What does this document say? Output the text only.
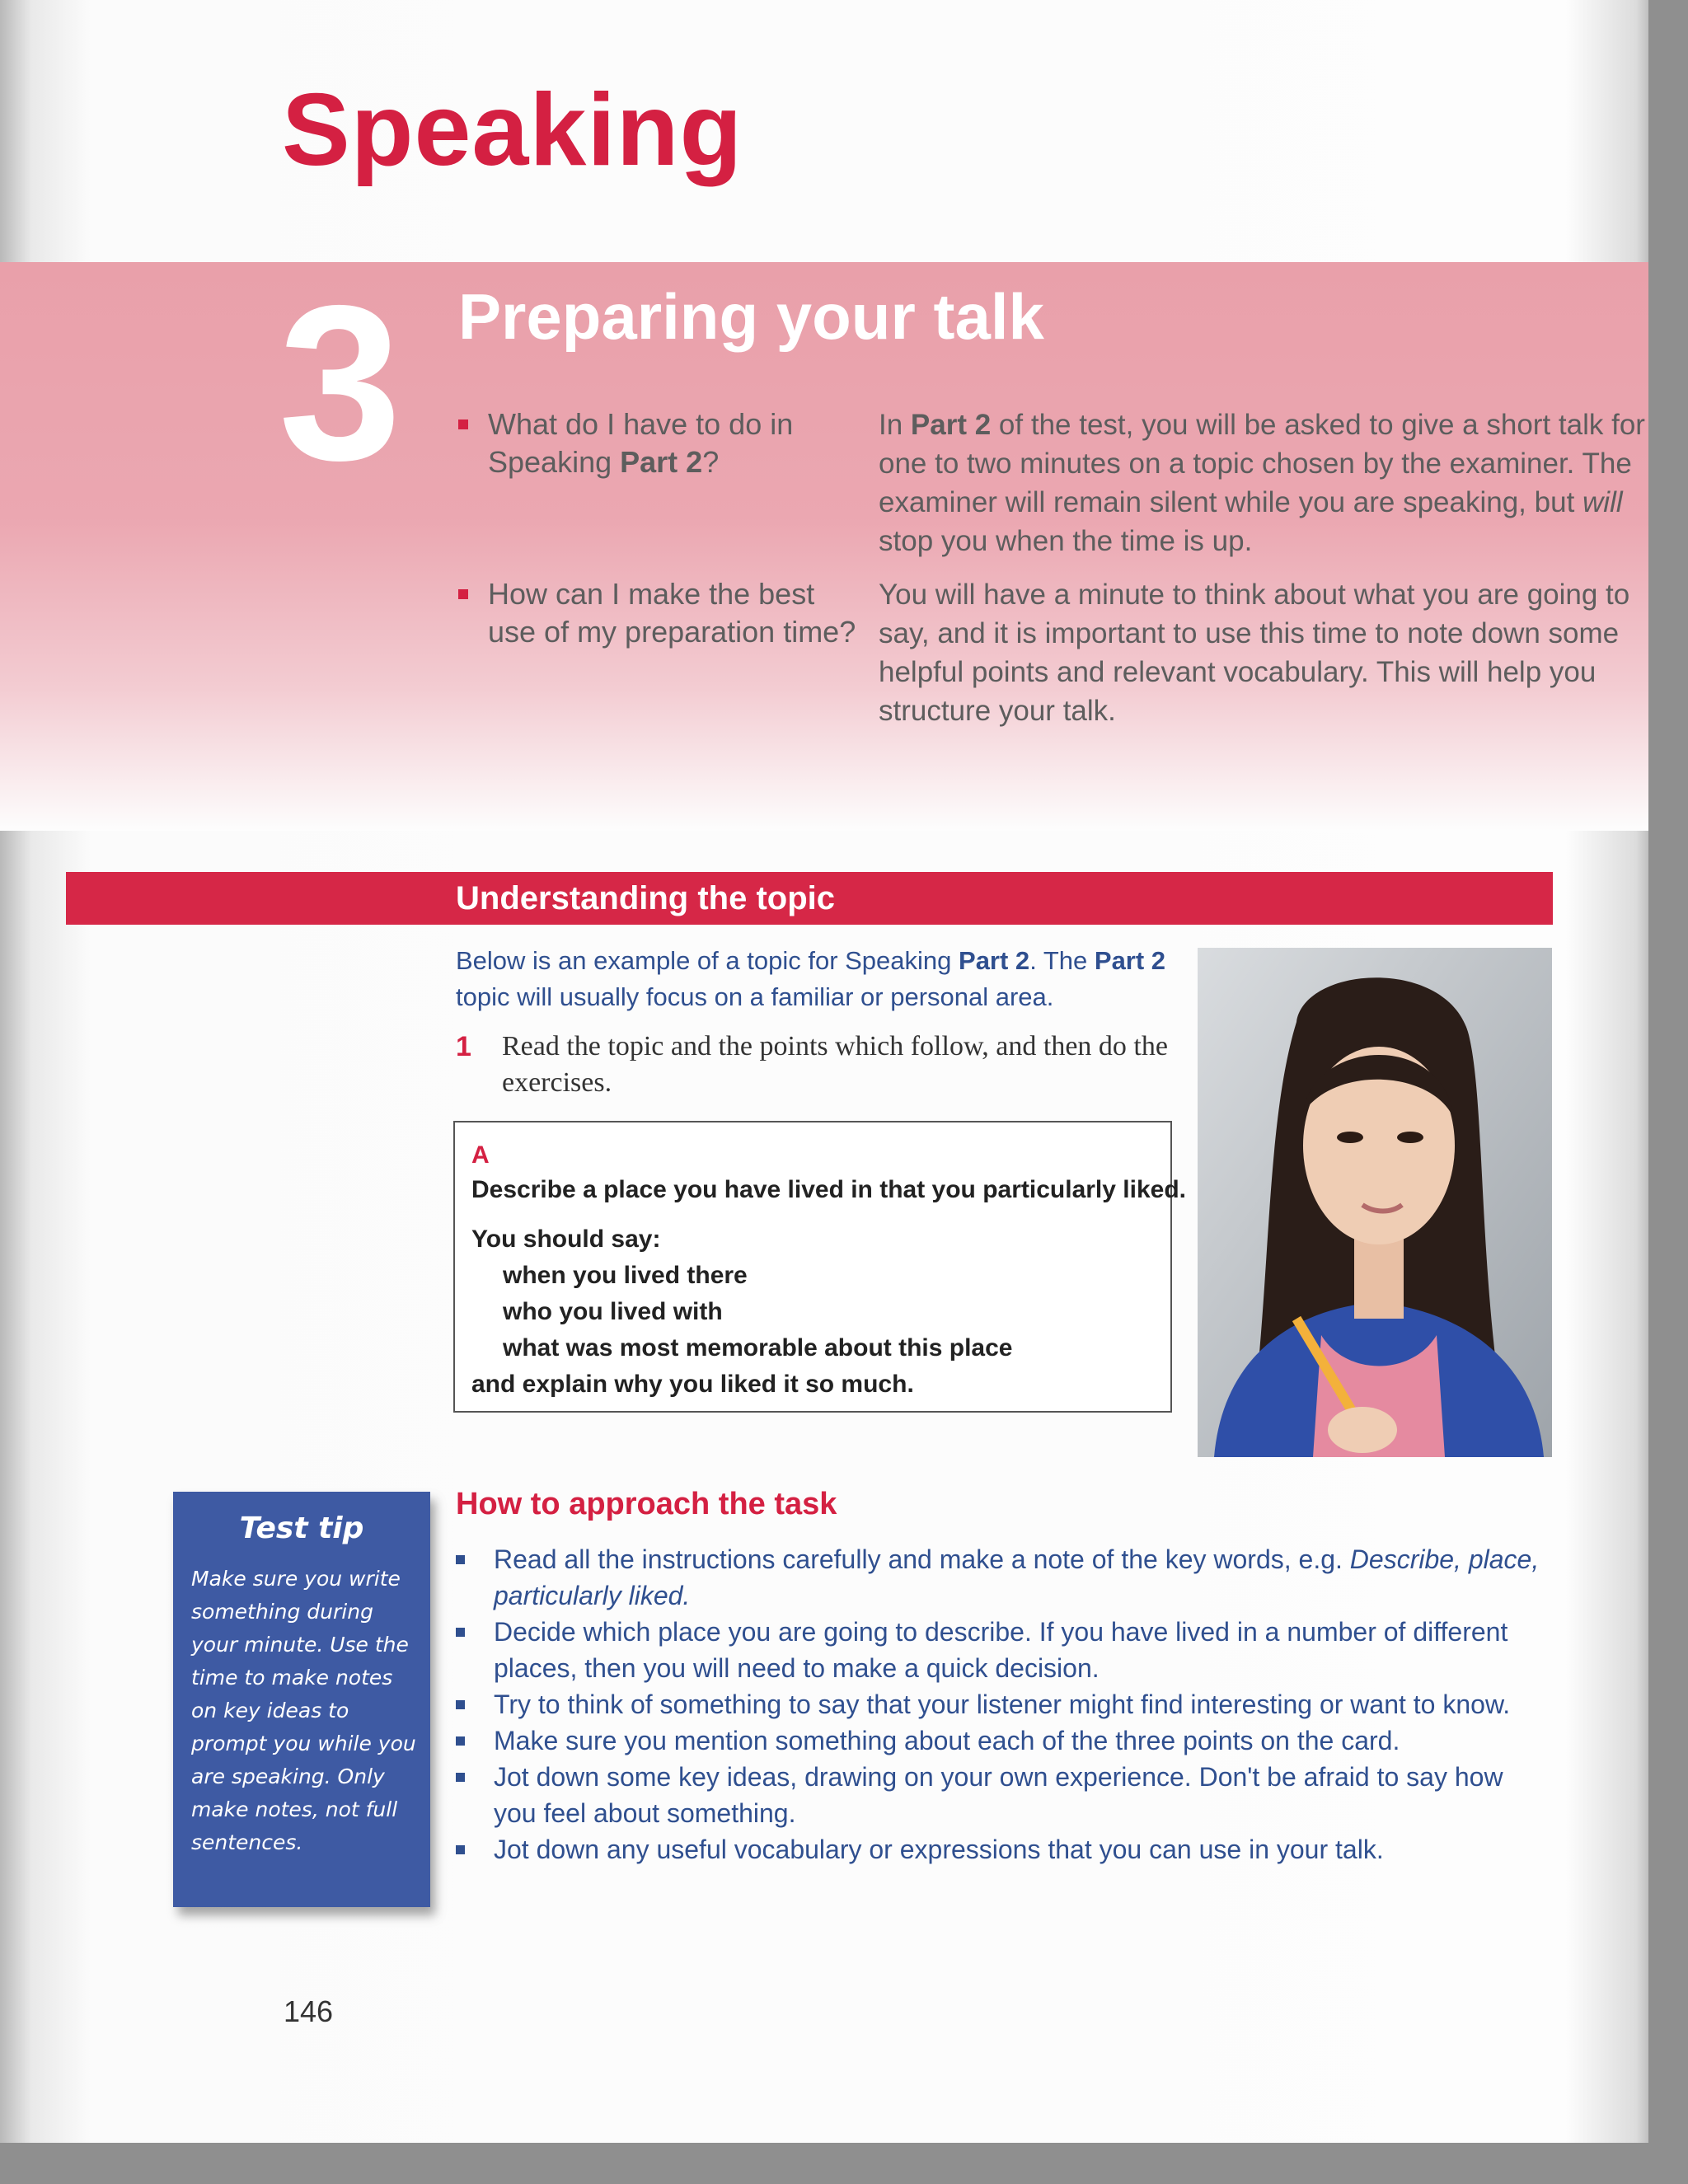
Speaking
3 Preparing your talk
What do I have to do in Speaking Part 2?
How can I make the best use of my preparation time?

In Part 2 of the test, you will be asked to give a short talk for one to two minutes on a topic chosen by the examiner. The examiner will remain silent while you are speaking, but will stop you when the time is up.

You will have a minute to think about what you are going to say, and it is important to use this time to note down some helpful points and relevant vocabulary. This will help you structure your talk.

Understanding the topic

Below is an example of a topic for Speaking Part 2. The Part 2 topic will usually focus on a familiar or personal area.

1	Read the topic and the points which follow, and then do the exercises.
A
Describe a place you have lived in that you particularly liked.
You should say:
when you lived there
who you lived with
what was most memorable about this place
and explain why you liked it so much.
Test tip
Make sure you write something during your minute. Use the time to make notes on key ideas to prompt you while you are speaking. Only make notes, not full sentences.
How to approach the task
Read all the instructions carefully and make a note of the key words, e.g. Describe, place, particularly liked.
Decide which place you are going to describe. If you have lived in a number of different places, then you will need to make a quick decision.
Try to think of something to say that your listener might find interesting or want to know.
Make sure you mention something about each of the three points on the card.
Jot down some key ideas, drawing on your own experience. Don't be afraid to say how you feel about something.
Jot down any useful vocabulary or expressions that you can use in your talk.
146
